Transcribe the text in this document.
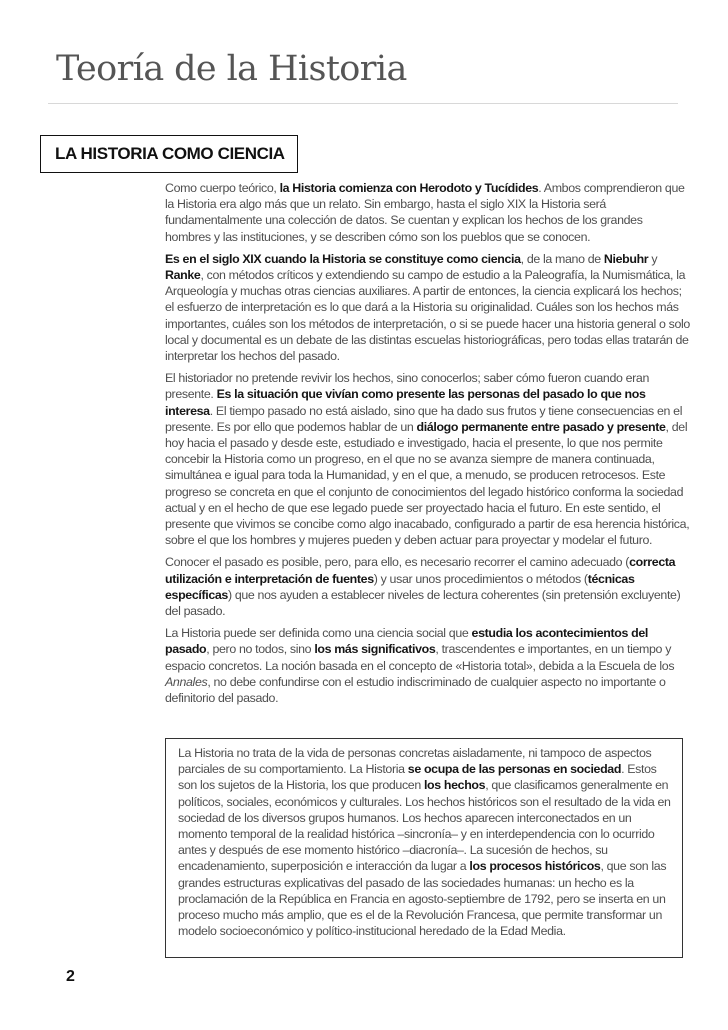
Teoría de la Historia
LA HISTORIA COMO CIENCIA

Como cuerpo teórico, la Historia comienza con Herodoto y Tucídides. Ambos comprendieron que la Historia era algo más que un relato. Sin embargo, hasta el siglo XIX la Historia será fundamentalmente una colección de datos. Se cuentan y explican los hechos de los grandes hombres y las instituciones, y se describen cómo son los pueblos que se conocen.

Es en el siglo XIX cuando la Historia se constituye como ciencia, de la mano de Niebuhr y Ranke, con métodos críticos y extendiendo su campo de estudio a la Paleografía, la Numismática, la Arqueología y muchas otras ciencias auxiliares. A partir de entonces, la ciencia explicará los hechos; el esfuerzo de interpretación es lo que dará a la Historia su originalidad. Cuáles son los hechos más importantes, cuáles son los métodos de interpretación, o si se puede hacer una historia general o solo local y documental es un debate de las distintas escuelas historiográficas, pero todas ellas tratarán de interpretar los hechos del pasado.

El historiador no pretende revivir los hechos, sino conocerlos; saber cómo fueron cuando eran presente. Es la situación que vivían como presente las personas del pasado lo que nos interesa. El tiempo pasado no está aislado, sino que ha dado sus frutos y tiene consecuencias en el presente. Es por ello que podemos hablar de un diálogo permanente entre pasado y presente, del hoy hacia el pasado y desde este, estudiado e investigado, hacia el presente, lo que nos permite concebir la Historia como un progreso, en el que no se avanza siempre de manera continuada, simultánea e igual para toda la Humanidad, y en el que, a menudo, se producen retrocesos. Este progreso se concreta en que el conjunto de conocimientos del legado histórico conforma la sociedad actual y en el hecho de que ese legado puede ser proyectado hacia el futuro. En este sentido, el presente que vivimos se concibe como algo inacabado, configurado a partir de esa herencia histórica, sobre el que los hombres y mujeres pueden y deben actuar para proyectar y modelar el futuro.

Conocer el pasado es posible, pero, para ello, es necesario recorrer el camino adecuado (correcta utilización e interpretación de fuentes) y usar unos procedimientos o métodos (técnicas específicas) que nos ayuden a establecer niveles de lectura coherentes (sin pretensión excluyente) del pasado.

La Historia puede ser definida como una ciencia social que estudia los acontecimientos del pasado, pero no todos, sino los más significativos, trascendentes e importantes, en un tiempo y espacio concretos. La noción basada en el concepto de «Historia total», debida a la Escuela de los Annales, no debe confundirse con el estudio indiscriminado de cualquier aspecto no importante o definitorio del pasado.

La Historia no trata de la vida de personas concretas aisladamente, ni tampoco de aspectos parciales de su comportamiento. La Historia se ocupa de las personas en sociedad. Estos son los sujetos de la Historia, los que producen los hechos, que clasificamos generalmente en políticos, sociales, económicos y culturales. Los hechos históricos son el resultado de la vida en sociedad de los diversos grupos humanos. Los hechos aparecen interconectados en un momento temporal de la realidad histórica –sincronía– y en interdependencia con lo ocurrido antes y después de ese momento histórico –diacronía–. La sucesión de hechos, su encadenamiento, superposición e interacción da lugar a los procesos históricos, que son las grandes estructuras explicativas del pasado de las sociedades humanas: un hecho es la proclamación de la República en Francia en agosto-septiembre de 1792, pero se inserta en un proceso mucho más amplio, que es el de la Revolución Francesa, que permite transformar un modelo socioeconómico y político-institucional heredado de la Edad Media.

2
